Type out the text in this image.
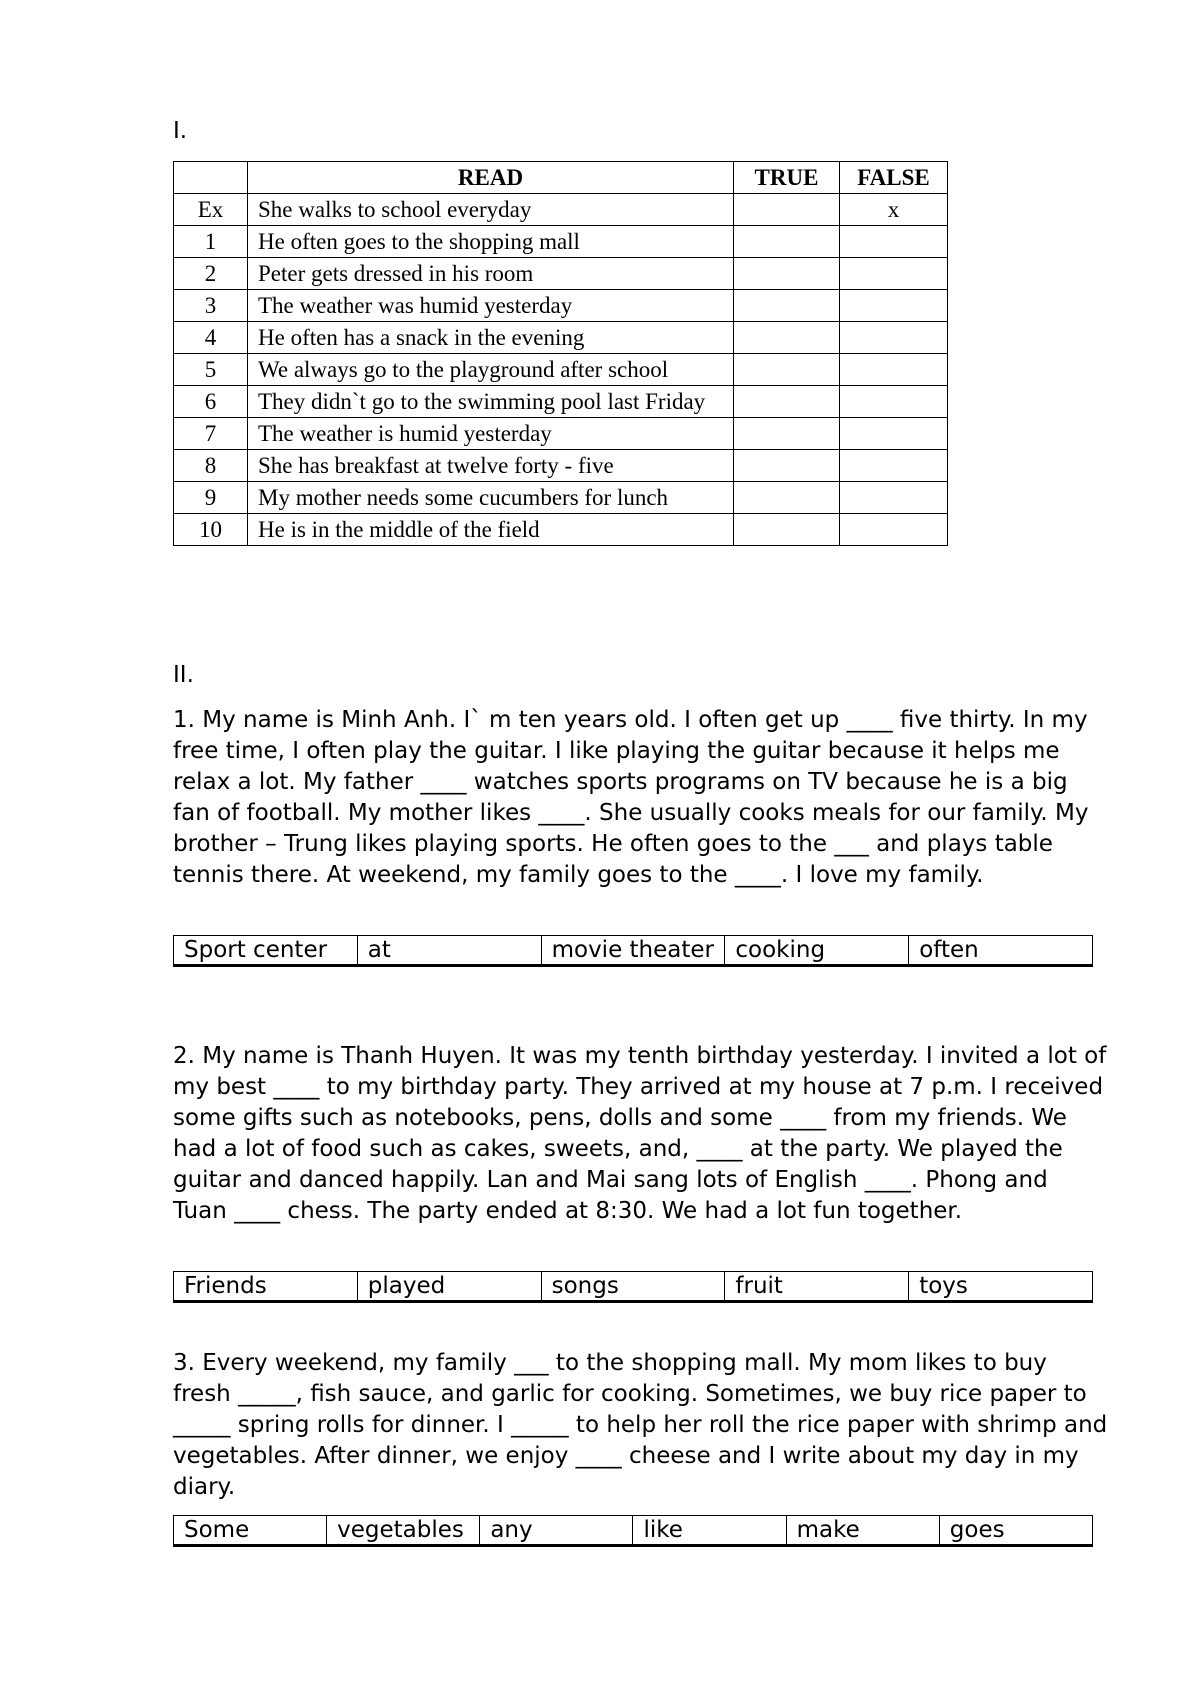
I.
	READ	TRUE	FALSE
Ex	She walks to school everyday		x
1	He often goes to the shopping mall		
2	Peter gets dressed in his room		
3	The weather was humid yesterday		
4	He often has a snack in the evening		
5	We always go to the playground after school		
6	They didn`t go to the swimming pool last Friday		
7	The weather is humid yesterday		
8	She has breakfast at twelve forty - five		
9	My mother needs some cucumbers for lunch		
10	He is in the middle of the field		
II.

1. My name is Minh Anh. I` m ten years old. I often get up ____ five thirty. In my free time, I often play the guitar. I like playing the guitar because it helps me relax a lot. My father ____ watches sports programs on TV because he is a big fan of football. My mother likes ____. She usually cooks meals for our family. My brother – Trung likes playing sports. He often goes to the ___ and plays table tennis there. At weekend, my family goes to the ____. I love my family.

Sport center	at	movie theater	cooking	often

2. My name is Thanh Huyen. It was my tenth birthday yesterday. I invited a lot of my best ____ to my birthday party. They arrived at my house at 7 p.m. I received some gifts such as notebooks, pens, dolls and some ____ from my friends. We had a lot of food such as cakes, sweets, and, ____ at the party. We played the guitar and danced happily. Lan and Mai sang lots of English ____. Phong and Tuan ____ chess. The party ended at 8:30. We had a lot fun together.

Friends	played	songs	fruit	toys

3. Every weekend, my family ___ to the shopping mall. My mom likes to buy fresh _____, fish sauce, and garlic for cooking. Sometimes, we buy rice paper to _____ spring rolls for dinner. I _____ to help her roll the rice paper with shrimp and vegetables. After dinner, we enjoy ____ cheese and I write about my day in my diary.

Some	vegetables	any	like	make	goes
